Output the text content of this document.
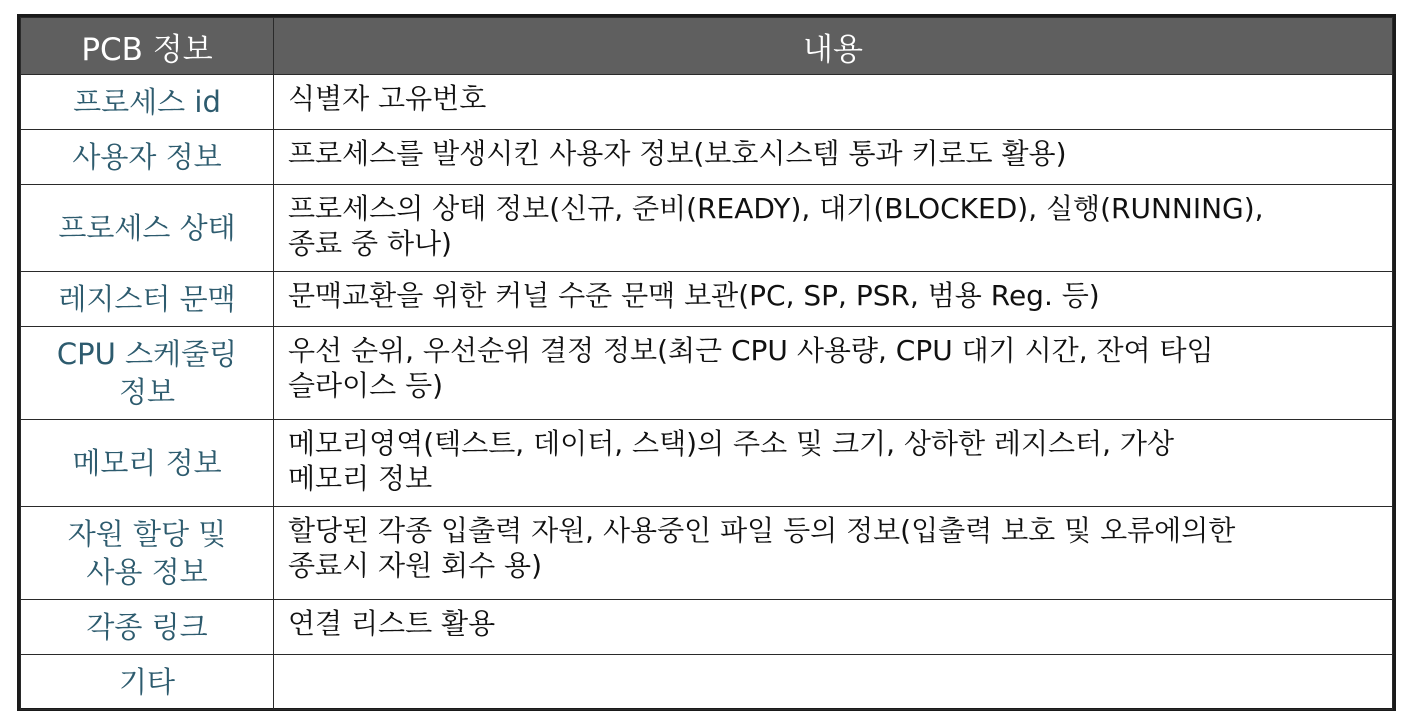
PCB 정보	내용
프로세스 id	식별자 고유번호
사용자 정보	프로세스를 발생시킨 사용자 정보(보호시스템 통과 키로도 활용)
프로세스 상태	프로세스의 상태 정보(신규, 준비(READY), 대기(BLOCKED), 실행(RUNNING),
종료 중 하나)
레지스터 문맥	문맥교환을 위한 커널 수준 문맥 보관(PC, SP, PSR, 범용 Reg. 등)
CPU 스케줄링
정보	우선 순위, 우선순위 결정 정보(최근 CPU 사용량, CPU 대기 시간, 잔여 타임
슬라이스 등)
메모리 정보	메모리영역(텍스트, 데이터, 스택)의 주소 및 크기, 상하한 레지스터, 가상
메모리 정보
자원 할당 및
사용 정보	할당된 각종 입출력 자원, 사용중인 파일 등의 정보(입출력 보호 및 오류에의한
종료시 자원 회수 용)
각종 링크	연결 리스트 활용
기타	
